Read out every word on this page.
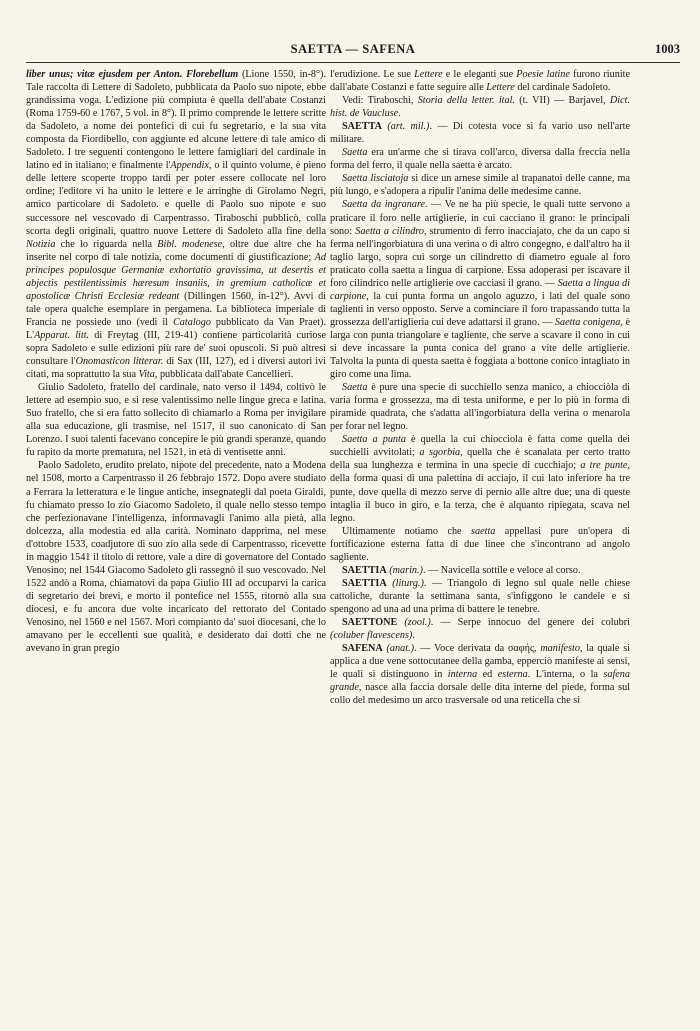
SAETTA — SAFENA	1003

liber unus; vitæ ejusdem per Anton. Florebellum (Lione 1550, in-8°). Tale raccolta di Lettere di Sadoleto, pubblicata da Paolo suo nipote, ebbe grandissima voga. L'edizione più compiuta è quella dell'abate Costanzi (Roma 1759-60 e 1767, 5 vol. in 8°). Il primo comprende le lettere scritte da Sadoleto, a nome dei pontefici di cui fu segretario, e la sua vita composta da Fiordibello, con aggiunte ed alcune lettere di tale amico di Sadoleto. I tre seguenti contengono le lettere famigliari del cardinale in latino ed in italiano; e finalmente l'Appendix, o il quinto volume, è pieno delle lettere scoperte troppo tardi per poter essere collocate nel loro ordine; l'editore vi ha unito le lettere e le arringhe di Girolamo Negri, amico particolare di Sadoleto. e quelle di Paolo suo nipote e suo successore nel vescovado di Carpentrasso. Tiraboschi pubblicò, colla scorta degli originali, quattro nuove Lettere di Sadoleto alla fine della Notizia che lo riguarda nella Bibl. modenese, oltre due altre che ha inserite nel corpo di tale notizia, come documenti di giustificazione; Ad principes populosque Germaniæ exhortatio gravissima, ut desertis et abjectis pestilentissimis hæresum insaniis, in gremium catholicæ et apostolicæ Christi Ecclesiæ redeant (Dillingen 1560, in-12°). Avvi di tale opera qualche esemplare in pergamena. La biblioteca imperiale di Francia ne possiede uno (vedi il Catalogo pubblicato da Van Praet). L'Apparat. litt. di Freytag (III, 219-41) contiene particolarità curiose sopra Sadoleto e sulle edizioni più rare de' suoi opuscoli. Si può altresì consultare l'Onomasticon litterar. di Sax (III, 127), ed i diversi autori ivi citati, ma soprattutto la sua Vita, pubblicata dall'abate Cancellieri.

Giulio Sadoleto, fratello del cardinale, nato verso il 1494, coltivò le lettere ad esempio suo, e si rese valentissimo nelle lingue greca e latina. Suo fratello, che si era fatto sollecito di chiamarlo a Roma per invigilare alla sua educazione, gli trasmise, nel 1517, il suo canonicato di San Lorenzo. I suoi talenti facevano concepire le più grandi speranze, quando fu rapito da morte prematura, nel 1521, in età di ventisette anni.

Paolo Sadoleto, erudito prelato, nipote del precedente, nato a Modena nel 1508, morto a Carpentrasso il 26 febbrajo 1572. Dopo avere studiato a Ferrara la letteratura e le lingue antiche, insegnategli dal poeta Giraldi, fu chiamato presso lo zio Giacomo Sadoleto, il quale nello stesso tempo che perfezionavane l'intelligenza, informavagli l'animo alla pietà, alla dolcezza, alla modestia ed alla carità. Nominato dapprima, nel mese d'ottobre 1533, coadjutore di suo zio alla sede di Carpentrasso, ricevette in maggio 1541 il titolo di rettore, vale a dire di governatore del Contado Venosino; nel 1544 Giacomo Sadoleto gli rassegnò il suo vescovado. Nel 1522 andò a Roma, chiamatovi da papa Giulio III ad occuparvi la carica di segretario dei brevi, e morto il pontefice nel 1555, ritornò alla sua diocesi, e fu ancora due volte incaricato del rettorato del Contado Venosino, nel 1560 e nel 1567. Morì compianto da' suoi diocesani, che lo amavano per le eccellenti sue qualità, e desiderato dai dotti che ne avevano in gran pregio

l'erudizione. Le sue Lettere e le eleganti sue Poesie latine furono riunite dall'abate Costanzi e fatte seguire alle Lettere del cardinale Sadoleto.

Vedi: Tiraboschi, Storia della letter. ital. (t. VII) — Barjavel, Dict. hist. de Vaucluse.

SAETTA (art. mil.). — Di cotesta voce si fa vario uso nell'arte militare.

Saetta era un'arme che si tirava coll'arco, diversa dalla freccia nella forma del ferro, il quale nella saetta è arcato.

Saetta lisciatoja si dice un arnese simile al trapanatoi delle canne, ma più lungo, e s'adopera a ripulir l'anima delle medesime canne.

Saetta da ingranare. — Ve ne ha più specie, le quali tutte servono a praticare il foro nelle artiglierie, in cui cacciano il grano: le principali sono: Saetta a cilindro, strumento di ferro inacciajato, che da un capo si ferma nell'ingorbiatura di una verina o di altro congegno, e dall'altro ha il taglio largo, sopra cui sorge un cilindretto di diametro eguale al foro praticato colla saetta a lingua di carpione. Essa adoperasi per iscavare il foro cilindrico nelle artiglierie ove cacciasi il grano. — Saetta a lingua di carpione, la cui punta forma un angolo aguzzo, i lati del quale sono taglienti in verso opposto. Serve a cominciare il foro trapassando tutta la grossezza dell'artiglieria cui deve adattarsi il grano. — Saetta conigena, è larga con punta triangolare e tagliente, che serve a scavare il cono in cui si deve incassare la punta conica del grano a vite delle artiglierie. Talvolta la punta di questa saetta è foggiata a bottone conico intagliato in giro come una lima.

Saetta è pure una specie di succhiello senza manico, a chiocciòla di varia forma e grossezza, ma di testa uniforme, e per lo più in forma di piramide quadrata, che s'adatta all'ingorbiatura della verina o menarola per forar nel legno.

Saetta a punta è quella la cui chiocciola è fatta come quella dei succhielli avvitolati; a sgorbia, quella che è scanalata per certo tratto della sua lunghezza e termina in una specie di cucchiajo; a tre punte, della forma quasi di una palettina di acciajo, il cui lato inferiore ha tre punte, dove quella di mezzo serve di pernio alle altre due; una di queste intaglia il buco in giro, e la terza, che è alquanto ripiegata, scava nel legno.

Ultimamente notiamo che saetta appellasi pure un'opera di fortificazione esterna fatta di due linee che s'incontrano ad angolo sagliente.

SAETTIA (marin.). — Navicella sottile e veloce al corso.

SAETTIA (liturg.). — Triangolo di legno sul quale nelle chiese cattoliche, durante la settimana santa, s'infiggono le candele e si spengono ad una ad una prima di battere le tenebre.

SAETTONE (zool.). — Serpe innocuo del genere dei colubri (coluber flavescens).

SAFENA (anat.). — Voce derivata da σαφής, manifesto, la quale si applica a due vene sottocutanee della gamba, epperciò manifeste ai sensi, le quali si distinguono in interna ed esterna. L'interna, o la safena grande, nasce alla faccia dorsale delle dita interne del piede, forma sul collo del medesimo un arco trasversale od una reticella che si
